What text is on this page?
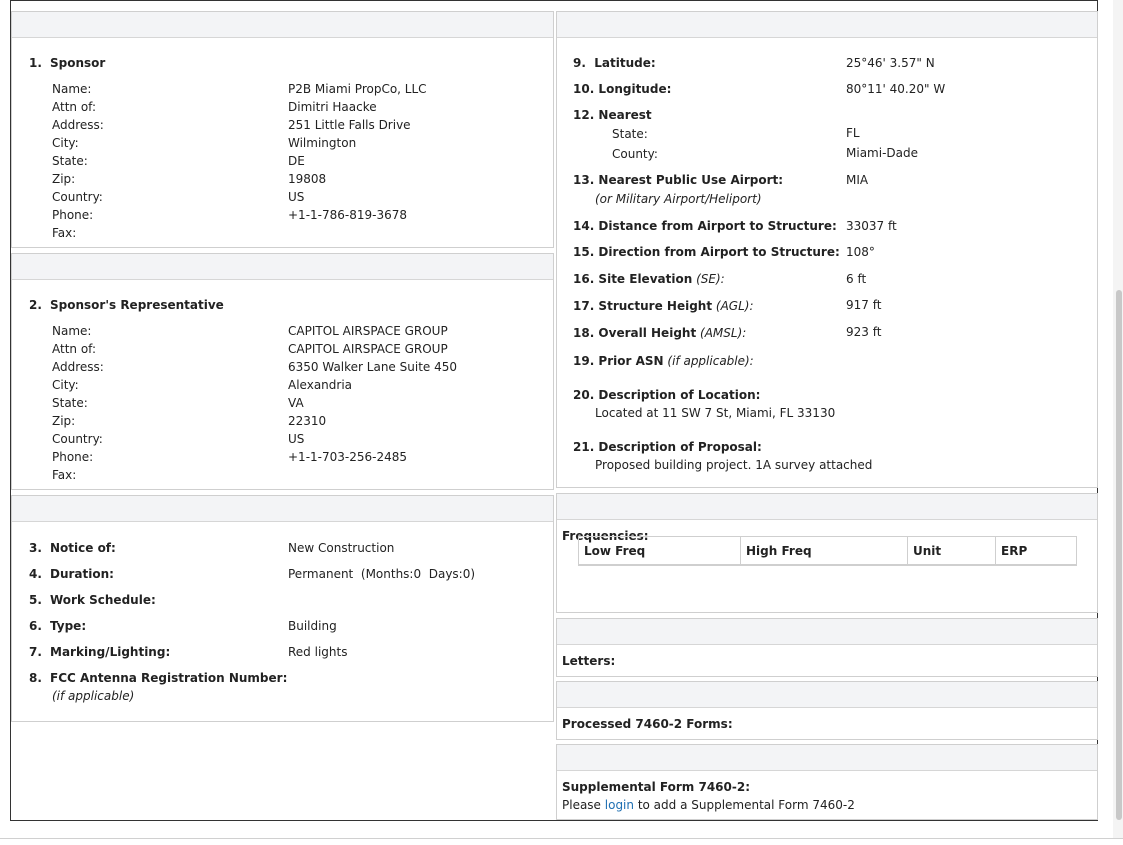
1. Sponsor
Name:	P2B Miami PropCo, LLC
Attn of:	Dimitri Haacke
Address:	251 Little Falls Drive
City:	Wilmington
State:	DE
Zip:	19808
Country:	US
Phone:	+1-1-786-819-3678
Fax:
2. Sponsor's Representative
Name:	CAPITOL AIRSPACE GROUP
Attn of:	CAPITOL AIRSPACE GROUP
Address:	6350 Walker Lane Suite 450
City:	Alexandria
State:	VA
Zip:	22310
Country:	US
Phone:	+1-1-703-256-2485
Fax:
3. Notice of:	New Construction
4. Duration:	Permanent  (Months:0  Days:0)
5. Work Schedule:
6. Type:	Building
7. Marking/Lighting:	Red lights
8. FCC Antenna Registration Number:
(if applicable)
9.  Latitude:	25°46' 3.57" N
10. Longitude:	80°11' 40.20" W
12. Nearest
State:	FL
County:	Miami-Dade
13. Nearest Public Use Airport:	MIA
(or Military Airport/Heliport)
14. Distance from Airport to Structure: 33037 ft
15. Direction from Airport to Structure: 108°
16. Site Elevation (SE):	6 ft
17. Structure Height (AGL):	917 ft
18. Overall Height (AMSL):	923 ft
19. Prior ASN (if applicable):
20. Description of Location:
Located at 11 SW 7 St, Miami, FL 33130
21. Description of Proposal:
Proposed building project. 1A survey attached
Frequencies:
Low Freq	High Freq	Unit	ERP
Letters:
Processed 7460-2 Forms:
Supplemental Form 7460-2:
Please login to add a Supplemental Form 7460-2
